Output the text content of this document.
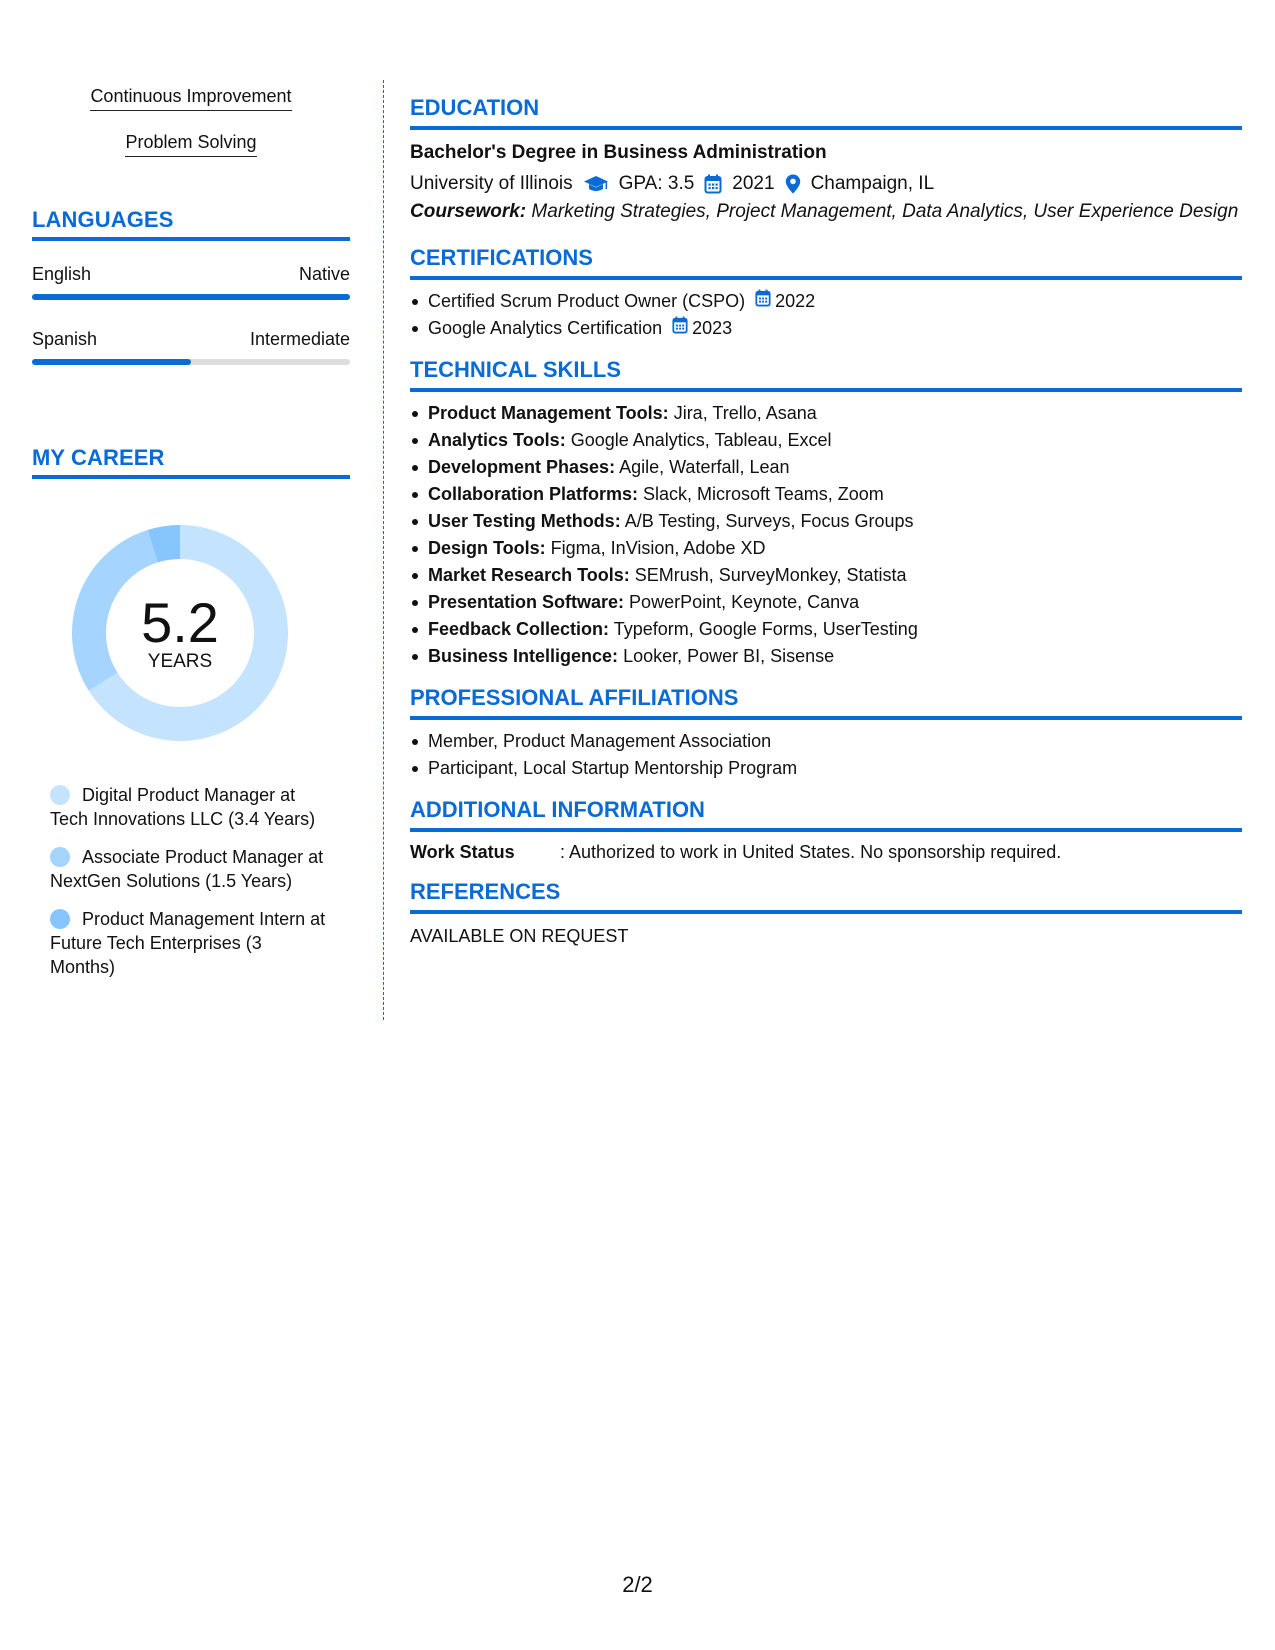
Continuous Improvement
Problem Solving
LANGUAGES
English	Native
Spanish	Intermediate
MY CAREER
5.2
YEARS
Digital Product Manager at Tech Innovations LLC (3.4 Years)
Associate Product Manager at NextGen Solutions (1.5 Years)
Product Management Intern at Future Tech Enterprises (3 Months)
EDUCATION
Bachelor's Degree in Business Administration
University of Illinois GPA: 3.5 2021 Champaign, IL
Coursework: Marketing Strategies, Project Management, Data Analytics, User Experience Design
CERTIFICATIONS
Certified Scrum Product Owner (CSPO) 2022
Google Analytics Certification 2023
TECHNICAL SKILLS
Product Management Tools: Jira, Trello, Asana
Analytics Tools: Google Analytics, Tableau, Excel
Development Phases: Agile, Waterfall, Lean
Collaboration Platforms: Slack, Microsoft Teams, Zoom
User Testing Methods: A/B Testing, Surveys, Focus Groups
Design Tools: Figma, InVision, Adobe XD
Market Research Tools: SEMrush, SurveyMonkey, Statista
Presentation Software: PowerPoint, Keynote, Canva
Feedback Collection: Typeform, Google Forms, UserTesting
Business Intelligence: Looker, Power BI, Sisense
PROFESSIONAL AFFILIATIONS
Member, Product Management Association
Participant, Local Startup Mentorship Program
ADDITIONAL INFORMATION
Work Status	: Authorized to work in United States. No sponsorship required.
REFERENCES
AVAILABLE ON REQUEST
2/2
